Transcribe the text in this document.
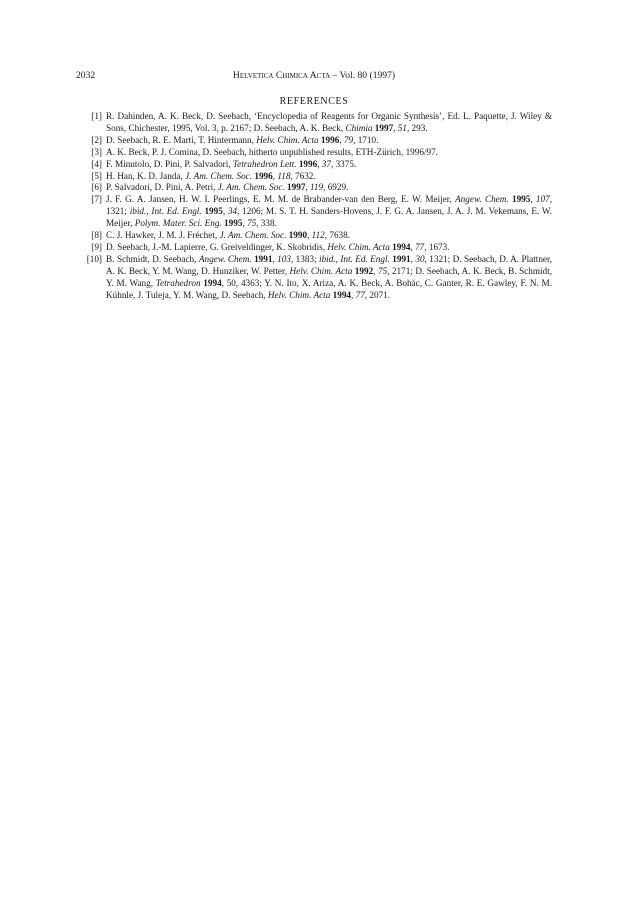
2032	Helvetica Chimica Acta – Vol. 80 (1997)
REFERENCES
[1] R. Dahinden, A. K. Beck, D. Seebach, ‘Encyclopedia of Reagents for Organic Synthesis’, Ed. L. Paquette, J. Wiley & Sons, Chichester, 1995, Vol. 3, p. 2167; D. Seebach, A. K. Beck, Chimia 1997, 51, 293.
[2] D. Seebach, R. E. Marti, T. Hintermann, Helv. Chim. Acta 1996, 79, 1710.
[3] A. K. Beck, P. J. Comina, D. Seebach, hitherto unpublished results, ETH-Zürich, 1996/97.
[4] F. Minutolo, D. Pini, P. Salvadori, Tetrahedron Lett. 1996, 37, 3375.
[5] H. Han, K. D. Janda, J. Am. Chem. Soc. 1996, 118, 7632.
[6] P. Salvadori, D. Pini, A. Petri, J. Am. Chem. Soc. 1997, 119, 6929.
[7] J. F. G. A. Jansen, H. W. I. Peerlings, E. M. M. de Brabander-van den Berg, E. W. Meijer, Angew. Chem. 1995, 107, 1321; ibid., Int. Ed. Engl. 1995, 34, 1206; M. S. T. H. Sanders-Hovens, J. F. G. A. Jansen, J. A. J. M. Vekemans, E. W. Meijer, Polym. Mater. Sci. Eng. 1995, 75, 338.
[8] C. J. Hawker, J. M. J. Fréchet, J. Am. Chem. Soc. 1990, 112, 7638.
[9] D. Seebach, J.-M. Lapierre, G. Greiveldinger, K. Skobridis, Helv. Chim. Acta 1994, 77, 1673.
[10] B. Schmidt, D. Seebach, Angew. Chem. 1991, 103, 1383; ibid., Int. Ed. Engl. 1991, 30, 1321; D. Seebach, D. A. Plattner, A. K. Beck, Y. M. Wang, D. Hunziker, W. Petter, Helv. Chim. Acta 1992, 75, 2171; D. Seebach, A. K. Beck, B. Schmidt, Y. M. Wang, Tetrahedron 1994, 50, 4363; Y. N. Ito, X. Ariza, A. K. Beck, A. Bohác, C. Ganter, R. E. Gawley, F. N. M. Kühnle, J. Tuleja, Y. M. Wang, D. Seebach, Helv. Chim. Acta 1994, 77, 2071.
